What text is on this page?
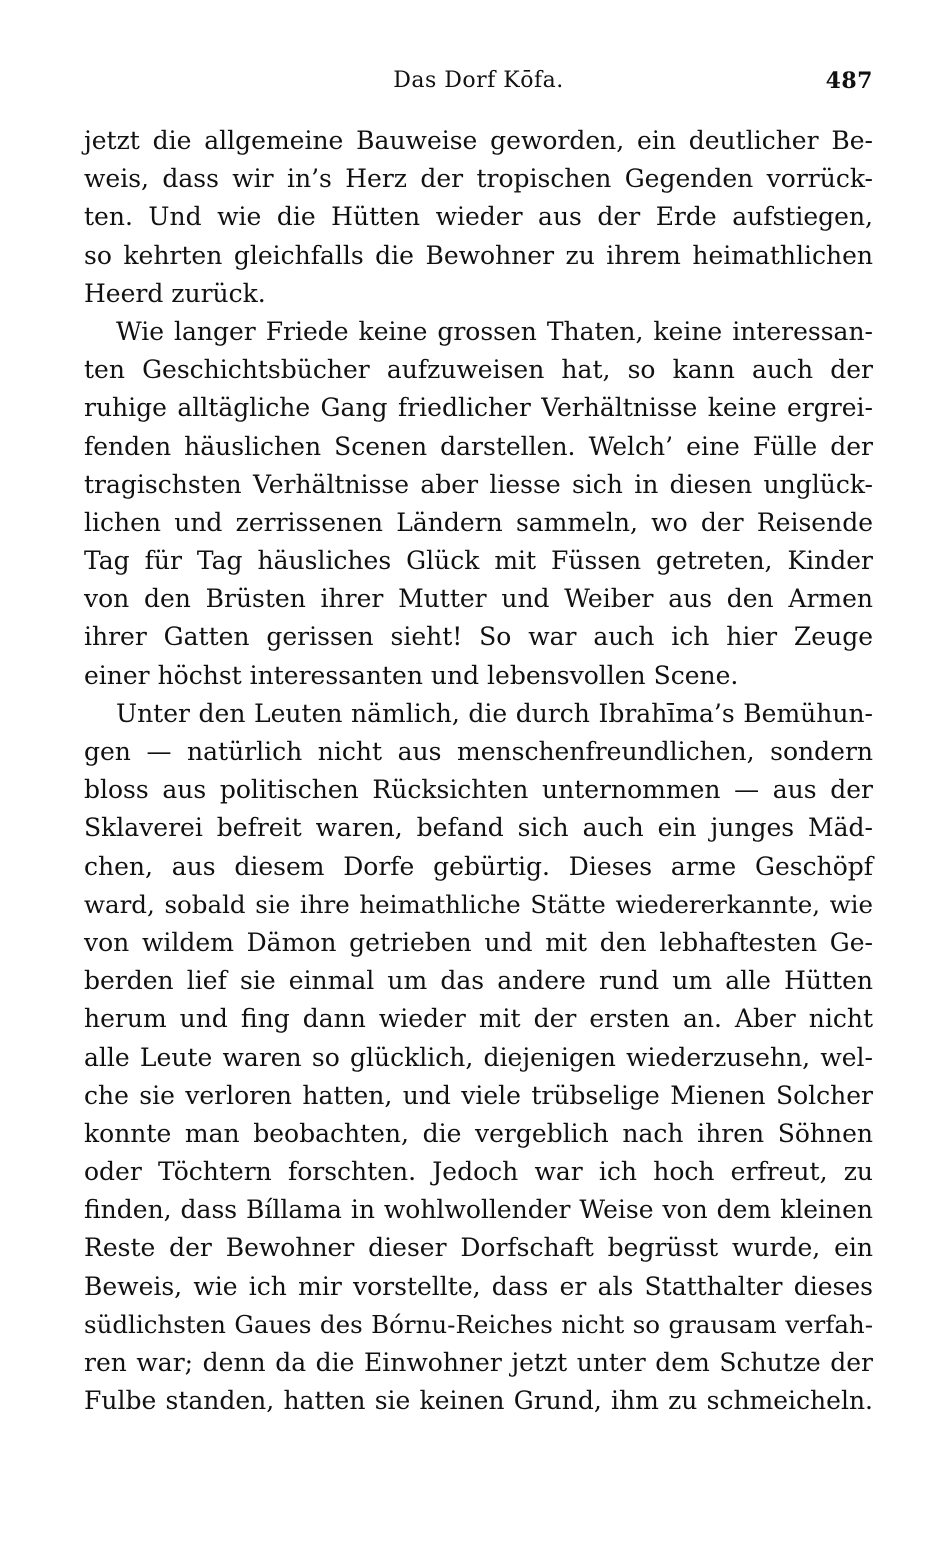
Das Dorf Kōfa.	487
jetzt die allgemeine Bauweise geworden, ein deutlicher Be-
weis, dass wir in’s Herz der tropischen Gegenden vorrück-
ten. Und wie die Hütten wieder aus der Erde aufstiegen,
so kehrten gleichfalls die Bewohner zu ihrem heimathlichen
Heerd zurück.
Wie langer Friede keine grossen Thaten, keine interessan-
ten Geschichtsbücher aufzuweisen hat, so kann auch der
ruhige alltägliche Gang friedlicher Verhältnisse keine ergrei-
fenden häuslichen Scenen darstellen. Welch’ eine Fülle der
tragischsten Verhältnisse aber liesse sich in diesen unglück-
lichen und zerrissenen Ländern sammeln, wo der Reisende
Tag für Tag häusliches Glück mit Füssen getreten, Kinder
von den Brüsten ihrer Mutter und Weiber aus den Armen
ihrer Gatten gerissen sieht! So war auch ich hier Zeuge
einer höchst interessanten und lebensvollen Scene.
Unter den Leuten nämlich, die durch Ibrahīma’s Bemühun-
gen — natürlich nicht aus menschenfreundlichen, sondern
bloss aus politischen Rücksichten unternommen — aus der
Sklaverei befreit waren, befand sich auch ein junges Mäd-
chen, aus diesem Dorfe gebürtig. Dieses arme Geschöpf
ward, sobald sie ihre heimathliche Stätte wiedererkannte, wie
von wildem Dämon getrieben und mit den lebhaftesten Ge-
berden lief sie einmal um das andere rund um alle Hütten
herum und fing dann wieder mit der ersten an. Aber nicht
alle Leute waren so glücklich, diejenigen wiederzusehn, wel-
che sie verloren hatten, und viele trübselige Mienen Solcher
konnte man beobachten, die vergeblich nach ihren Söhnen
oder Töchtern forschten. Jedoch war ich hoch erfreut, zu
finden, dass Bíllama in wohlwollender Weise von dem kleinen
Reste der Bewohner dieser Dorfschaft begrüsst wurde, ein
Beweis, wie ich mir vorstellte, dass er als Statthalter dieses
südlichsten Gaues des Bórnu-Reiches nicht so grausam verfah-
ren war; denn da die Einwohner jetzt unter dem Schutze der
Fulbe standen, hatten sie keinen Grund, ihm zu schmeicheln.
